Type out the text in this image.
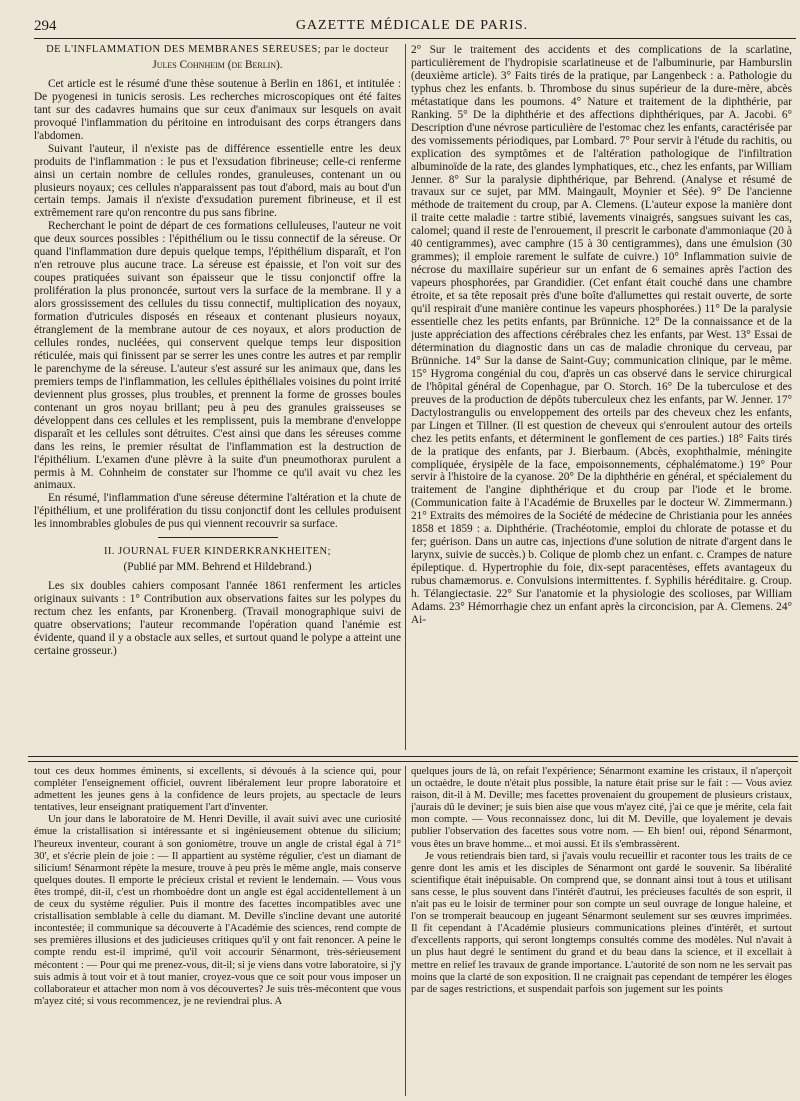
294	GAZETTE MÉDICALE DE PARIS.

DE L'INFLAMMATION DES MEMBRANES SÉREUSES; par le docteur

Jules Cohnheim (de Berlin).

Cet article est le résumé d'une thèse soutenue à Berlin en 1861, et intitulée : De pyogenesi in tunicis serosis. Les recherches microscopiques ont été faites tant sur des cadavres humains que sur ceux d'animaux sur lesquels on avait provoqué l'inflammation du péritoine en introduisant des corps étrangers dans l'abdomen.

Suivant l'auteur, il n'existe pas de différence essentielle entre les deux produits de l'inflammation : le pus et l'exsudation fibrineuse; celle-ci renferme ainsi un certain nombre de cellules rondes, granuleuses, contenant un ou plusieurs noyaux; ces cellules n'apparaissent pas tout d'abord, mais au bout d'un certain temps. Jamais il n'existe d'exsudation purement fibrineuse, et il est extrêmement rare qu'on rencontre du pus sans fibrine.

Recherchant le point de départ de ces formations celluleuses, l'auteur ne voit que deux sources possibles : l'épithélium ou le tissu connectif de la séreuse. Or quand l'inflammation dure depuis quelque temps, l'épithélium disparaît, et l'on n'en retrouve plus aucune trace. La séreuse est épaissie, et l'on voit sur des coupes pratiquées suivant son épaisseur que le tissu conjonctif offre la prolifération la plus prononcée, surtout vers la surface de la membrane. Il y a alors grossissement des cellules du tissu connectif, multiplication des noyaux, formation d'utricules disposés en réseaux et contenant plusieurs noyaux, étranglement de la membrane autour de ces noyaux, et alors production de cellules rondes, nucléées, qui conservent quelque temps leur disposition réticulée, mais qui finissent par se serrer les unes contre les autres et par remplir le parenchyme de la séreuse. L'auteur s'est assuré sur les animaux que, dans les premiers temps de l'inflammation, les cellules épithéliales voisines du point irrité deviennent plus grosses, plus troubles, et prennent la forme de grosses boules contenant un gros noyau brillant; peu à peu des granules graisseuses se développent dans ces cellules et les remplissent, puis la membrane d'enveloppe disparaît et les cellules sont détruites. C'est ainsi que dans les séreuses comme dans les reins, le premier résultat de l'inflammation est la destruction de l'épithélium. L'examen d'une plèvre à la suite d'un pneumothorax purulent a permis à M. Cohnheim de constater sur l'homme ce qu'il avait vu chez les animaux.

En résumé, l'inflammation d'une séreuse détermine l'altération et la chute de l'épithélium, et une prolifération du tissu conjonctif dont les cellules produisent les innombrables globules de pus qui viennent recouvrir sa surface.

II. JOURNAL FUER KINDERKRANKHEITEN;

(Publié par MM. Behrend et Hildebrand.)

Les six doubles cahiers composant l'année 1861 renferment les articles originaux suivants : 1° Contribution aux observations faites sur les polypes du rectum chez les enfants, par Kronenberg. (Travail monographique suivi de quatre observations; l'auteur recommande l'opération quand l'anémie est évidente, quand il y a obstacle aux selles, et surtout quand le polype a atteint une certaine grosseur.)

2° Sur le traitement des accidents et des complications de la scarlatine, particulièrement de l'hydropisie scarlatineuse et de l'albuminurie, par Hamburslin (deuxième article). 3° Faits tirés de la pratique, par Langenbeck : a. Pathologie du typhus chez les enfants. b. Thrombose du sinus supérieur de la dure-mère, abcès métastatique dans les poumons. 4° Nature et traitement de la diphthérie, par Ranking. 5° De la diphthérie et des affections diphthériques, par A. Jacobi. 6° Description d'une névrose particulière de l'estomac chez les enfants, caractérisée par des vomissements périodiques, par Lombard. 7° Pour servir à l'étude du rachitis, ou explication des symptômes et de l'altération pathologique de l'infiltration albuminoïde de la rate, des glandes lymphatiques, etc., chez les enfants, par William Jenner. 8° Sur la paralysie diphthérique, par Behrend. (Analyse et résumé de travaux sur ce sujet, par MM. Maingault, Moynier et Sée). 9° De l'ancienne méthode de traitement du croup, par A. Clemens. (L'auteur expose la manière dont il traite cette maladie : tartre stibié, lavements vinaigrés, sangsues suivant les cas, calomel; quand il reste de l'enrouement, il prescrit le carbonate d'ammoniaque (20 à 40 centigrammes), avec camphre (15 à 30 centigrammes), dans une émulsion (30 grammes); il emploie rarement le sulfate de cuivre.) 10° Inflammation suivie de nécrose du maxillaire supérieur sur un enfant de 6 semaines après l'action des vapeurs phosphorées, par Grandidier. (Cet enfant était couché dans une chambre étroite, et sa tête reposait près d'une boîte d'allumettes qui restait ouverte, de sorte qu'il respirait d'une manière continue les vapeurs phosphorées.) 11° De la paralysie essentielle chez les petits enfants, par Brünniche. 12° De la connaissance et de la juste appréciation des affections cérébrales chez les enfants, par West. 13° Essai de détermination du diagnostic dans un cas de maladie chronique du cerveau, par Brünniche. 14° Sur la danse de Saint-Guy; communication clinique, par le même. 15° Hygroma congénial du cou, d'après un cas observé dans le service chirurgical de l'hôpital général de Copenhague, par O. Storch. 16° De la tuberculose et des preuves de la production de dépôts tuberculeux chez les enfants, par W. Jenner. 17° Dactylostrangulis ou enveloppement des orteils par des cheveux chez les enfants, par Lingen et Tillner. (Il est question de cheveux qui s'enroulent autour des orteils chez les petits enfants, et déterminent le gonflement de ces parties.) 18° Faits tirés de la pratique des enfants, par J. Bierbaum. (Abcès, exophthalmie, méningite compliquée, érysipèle de la face, empoisonnements, céphalématome.) 19° Pour servir à l'histoire de la cyanose. 20° De la diphthérie en général, et spécialement du traitement de l'angine diphthérique et du croup par l'iode et le brome. (Communication faite à l'Académie de Bruxelles par le docteur W. Zimmermann.) 21° Extraits des mémoires de la Société de médecine de Christiania pour les années 1858 et 1859 : a. Diphthérie. (Trachéotomie, emploi du chlorate de potasse et du fer; guérison. Dans un autre cas, injections d'une solution de nitrate d'argent dans le larynx, suivie de succès.) b. Colique de plomb chez un enfant. c. Crampes de nature épileptique. d. Hypertrophie du foie, dix-sept paracentèses, effets avantageux du rubus chamæmorus. e. Convulsions intermittentes. f. Syphilis héréditaire. g. Croup. h. Télangiectasie. 22° Sur l'anatomie et la physiologie des scolioses, par William Adams. 23° Hémorrhagie chez un enfant après la circoncision, par A. Clemens. 24° Ai-

tout ces deux hommes éminents, si excellents, si dévoués à la science qui, pour compléter l'enseignement officiel, ouvrent libéralement leur propre laboratoire et admettent les jeunes gens à la confidence de leurs projets, au spectacle de leurs tentatives, leur enseignant pratiquement l'art d'inventer.

Un jour dans le laboratoire de M. Henri Deville, il avait suivi avec une curiosité émue la cristallisation si intéressante et si ingénieusement obtenue du silicium; l'heureux inventeur, courant à son goniomètre, trouve un angle de cristal égal à 71° 30', et s'écrie plein de joie : — Il appartient au système régulier, c'est un diamant de silicium! Sénarmont répète la mesure, trouve à peu près le même angle, mais conserve quelques doutes. Il emporte le précieux cristal et revient le lendemain. — Vous vous êtes trompé, dit-il, c'est un rhomboèdre dont un angle est égal accidentellement à un de ceux du système régulier. Puis il montre des facettes incompatibles avec une cristallisation semblable à celle du diamant. M. Deville s'incline devant une autorité incontestée; il communique sa découverte à l'Académie des sciences, rend compte de ses premières illusions et des judicieuses critiques qu'il y ont fait renoncer. A peine le compte rendu est-il imprimé, qu'il voit accourir Sénarmont, très-sérieusement mécontent : — Pour qui me prenez-vous, dit-il; si je viens dans votre laboratoire, si j'y suis admis à tout voir et à tout manier, croyez-vous que ce soit pour vous imposer un collaborateur et attacher mon nom à vos découvertes? Je suis très-mécontent que vous m'ayez cité; si vous recommencez, je ne reviendrai plus. A

quelques jours de là, on refait l'expérience; Sénarmont examine les cristaux, il n'aperçoit un octaèdre, le doute n'était plus possible, la nature était prise sur le fait : — Vous aviez raison, dit-il à M. Deville; mes facettes provenaient du groupement de plusieurs cristaux, j'aurais dû le deviner; je suis bien aise que vous m'ayez cité, j'ai ce que je mérite, cela fait mon compte. — Vous reconnaissez donc, lui dit M. Deville, que loyalement je devais publier l'observation des facettes sous votre nom. — Eh bien! oui, répond Sénarmont, vous êtes un brave homme... et moi aussi. Et ils s'embrassèrent.

Je vous retiendrais bien tard, si j'avais voulu recueillir et raconter tous les traits de ce genre dont les amis et les disciples de Sénarmont ont gardé le souvenir. Sa libéralité scientifique était inépuisable. On comprend que, se donnant ainsi tout à tous et utilisant sans cesse, le plus souvent dans l'intérêt d'autrui, les précieuses facultés de son esprit, il n'ait pas eu le loisir de terminer pour son compte un seul ouvrage de longue haleine, et l'on se tromperait beaucoup en jugeant Sénarmont seulement sur ses œuvres imprimées. Il fit cependant à l'Académie plusieurs communications pleines d'intérêt, et surtout d'excellents rapports, qui seront longtemps consultés comme des modèles. Nul n'avait à un plus haut degré le sentiment du grand et du beau dans la science, et il excellait à mettre en relief les travaux de grande importance. L'autorité de son nom ne les servait pas moins que la clarté de son exposition. Il ne craignait pas cependant de tempérer les éloges par de sages restrictions, et suspendait parfois son jugement sur les points
